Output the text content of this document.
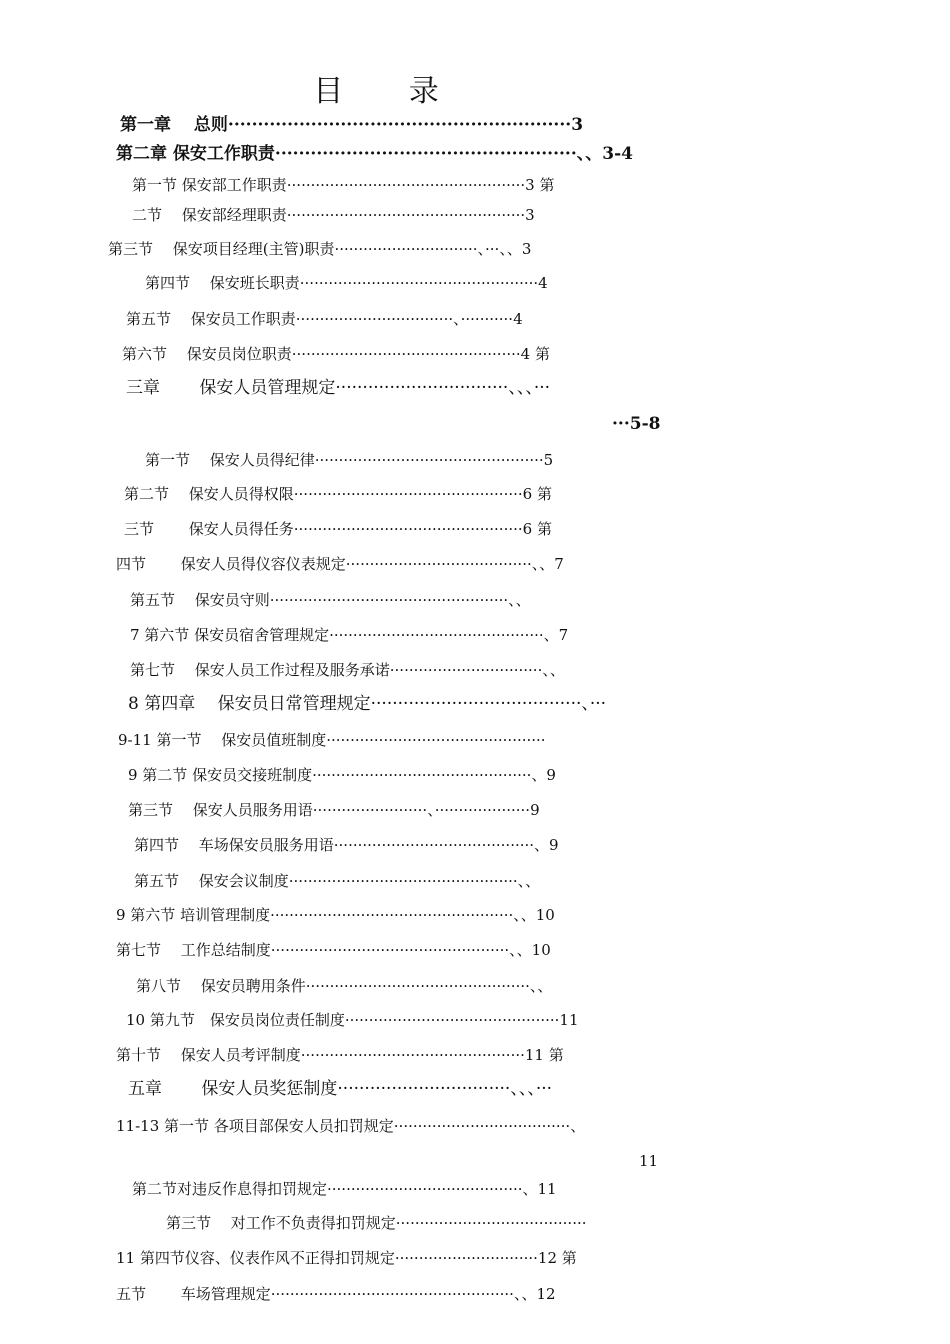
目 录
第一章　 总则··························································3
第二章 保安工作职责···················································、、3-4
第一节 保安部工作职责··················································3 第
二节　 保安部经理职责··················································3
第三节　 保安项目经理(主管)职责······························、···、、3
第四节　 保安班长职责··················································4
第五节　 保安员工作职责·································、···········4
第六节　 保安员岗位职责················································4 第
三章　　 保安人员管理规定································、、、···
···5-8
第一节　 保安人员得纪律················································5
第二节　 保安人员得权限················································6 第
三节　　 保安人员得任务················································6 第
四节　　 保安人员得仪容仪表规定·······································、、7
第五节　 保安员守则··················································、、
7 第六节 保安员宿舍管理规定·············································、7
第七节　 保安人员工作过程及服务承诺································、、
8 第四章　 保安员日常管理规定·······································、···
9-11 第一节　 保安员值班制度··············································
9 第二节 保安员交接班制度··············································、9
第三节　 保安人员服务用语························、····················9
第四节　 车场保安员服务用语··········································、9
第五节　 保安会议制度················································、、
9 第六节 培训管理制度···················································、、10
第七节　 工作总结制度··················································、、10
第八节　 保安员聘用条件···············································、、
10 第九节　保安员岗位责任制度·············································11
第十节　 保安人员考评制度···············································11 第
五章　　 保安人员奖惩制度································、、、···
11-13 第一节 各项目部保安人员扣罚规定·····································、
11
第二节对违反作息得扣罚规定·········································、11
第三节　 对工作不负责得扣罚规定········································
11 第四节仪容、仪表作风不正得扣罚规定······························12 第
五节　　 车场管理规定···················································、、12
